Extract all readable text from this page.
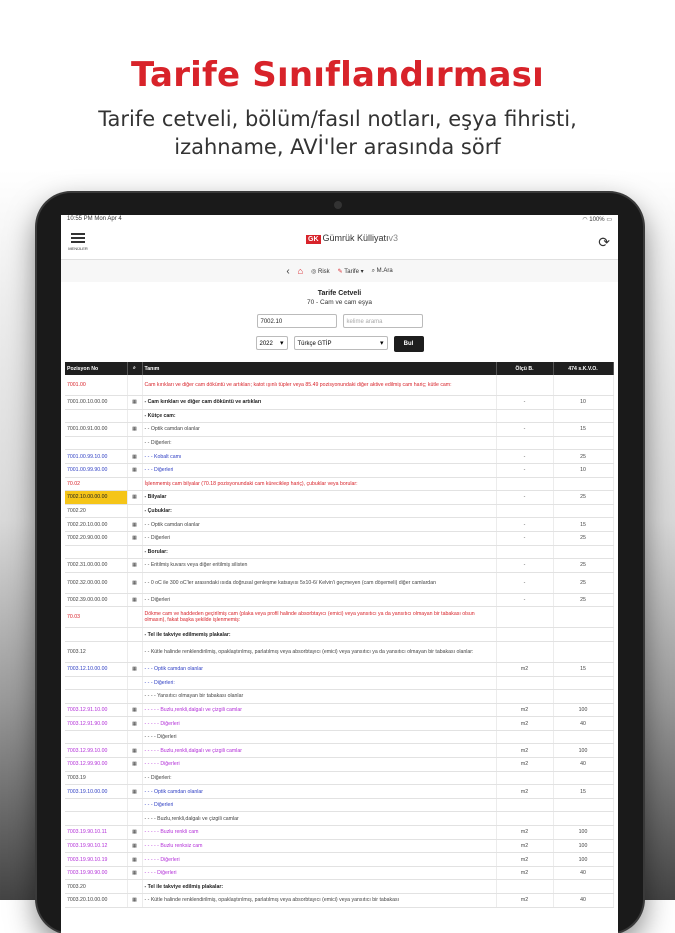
Tarife Sınıflandırması
Tarife cetveli, bölüm/fasıl notları, eşya fihristi,
izahname, AVİ'ler arasında sörf
10:55 PM Mon Apr 4	◠ 100% ▭
MENÜLER
GK Gümrük Külliyatıv3	⟳
‹ ⌂ ◎ Risk ✎ Tarife ▾ ⌕ M.Ara
Tarife Cetveli
70 - Cam ve cam eşya
7002.10	kelime arama
2022 ▾	Türkçe GTİP ▾	Bul
Pozisyon No	⌕	Tanım	Ölçü B.	474 s.K.V.O.
7001.00		Cam kırıkları ve diğer cam döküntü ve artıkları; katot ışınlı tüpler veya 85.49 pozisyonundaki diğer aktive edilmiş cam hariç; kütle cam:		
7001.00.10.00.00	▦	- Cam kırıkları ve diğer cam döküntü ve artıkları	-	10
		- Kütçe cam:		
7001.00.91.00.00	▦	- - Optik camdan olanlar	-	15
		- - Diğerleri:		
7001.00.99.10.00	▦	- - - Kobalt camı	-	25
7001.00.99.90.00	▦	- - - Diğerleri	-	10
70.02		İşlenmemiş cam bilyalar (70.18 pozisyonundaki cam küreciklер hariç), çubuklar veya borular:		
7002.10.00.00.00	▦	- Bilyalar	-	25
7002.20		- Çubuklar:		
7002.20.10.00.00	▦	- - Optik camdan olanlar	-	15
7002.20.90.00.00	▦	- - Diğerleri	-	25
		- Borular:		
7002.31.00.00.00	▦	- - Eritilmiş kuvars veya diğer eritilmiş silisten	-	25
7002.32.00.00.00	▦	- - 0 oC ile 300 oC'ler arasındaki ısıda doğrusal genleşme katsayısı 5x10-6/ Kelvin'i geçmeyen (cam döşemeli) diğer camlardan	-	25
7002.39.00.00.00	▦	- - Diğerleri	-	25
70.03		Dökme cam ve haddeden geçirilmiş cam (plaka veya profil halinde absorbtayıcı (emici) veya yansıtıcı ya da yansıtıcı olmayan bir tabakası olsun olmasın), fakat başka şekilde işlenmemiş:		
		- Tel ile takviye edilmemiş plakalar:		
7003.12		- - Kütle halinde renklendirilmiş, opaklaştırılmış, parlatılmış veya absorbtayıcı (emici) veya yansıtıcı ya da yansıtıcı olmayan bir tabakası olanlar:		
7003.12.10.00.00	▦	- - - Optik camdan olanlar	m2	15
		- - - Diğerleri:		
		- - - - Yansıtıcı olmayan bir tabakası olanlar		
7003.12.91.10.00	▦	- - - - - Buzlu,renkli,dalgalı ve çizgili camlar	m2	100
7003.12.91.90.00	▦	- - - - - Diğerleri	m2	40
		- - - - Diğerleri		
7003.12.99.10.00	▦	- - - - - Buzlu,renkli,dalgalı ve çizgili camlar	m2	100
7003.12.99.90.00	▦	- - - - - Diğerleri	m2	40
7003.19		- - Diğerleri:		
7003.19.10.00.00	▦	- - - Optik camdan olanlar	m2	15
		- - - Diğerleri		
		- - - - Buzlu,renkli,dalgalı ve çizgili camlar		
7003.19.90.10.11	▦	- - - - - Buzlu renkli cam	m2	100
7003.19.90.10.12	▦	- - - - - Buzlu renksiz cam	m2	100
7003.19.90.10.19	▦	- - - - - Diğerleri	m2	100
7003.19.90.90.00	▦	- - - - Diğerleri	m2	40
7003.20		- Tel ile takviye edilmiş plakalar:		
7003.20.10.00.00	▦	- - Kütle halinde renklendirilmiş, opaklaştırılmış, parlatılmış veya absorbtayıcı (emici) veya yansıtıcı bir tabakası	m2	40
